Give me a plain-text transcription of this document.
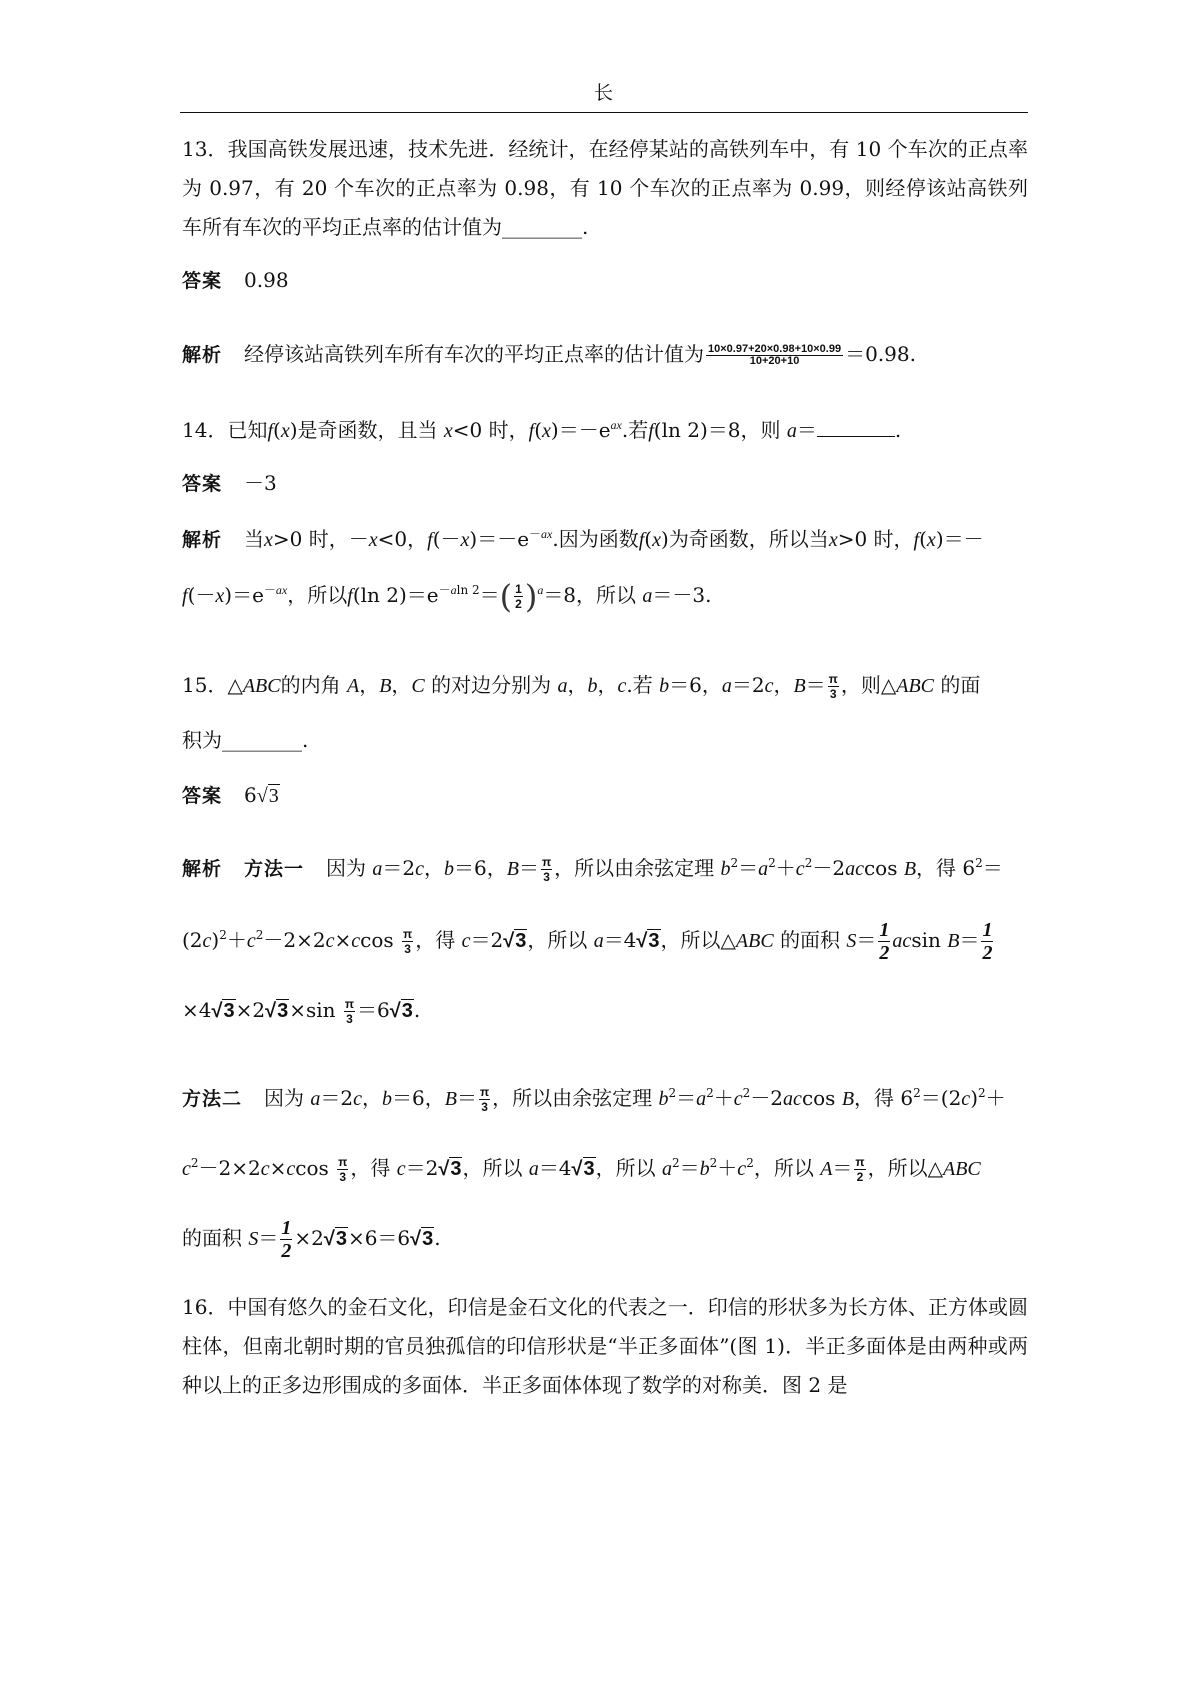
长
13．我国高铁发展迅速，技术先进．经统计，在经停某站的高铁列车中，有 10 个车次的正点率为 0.97，有 20 个车次的正点率为 0.98，有 10 个车次的正点率为 0.99，则经停该站高铁列车所有车次的平均正点率的估计值为________.
答案 0.98
解析 经停该站高铁列车所有车次的平均正点率的估计值为 $\frac{10\times 0.97+20\times 0.98+10\times 0.99}{10+20+10} =0.98$.
14．已知f(x)是奇函数，且当 x<0 时，$f(x)=-e^{ax}$.若f(ln 2)＝8，则 a＝	.
答案 －3
解析 当x>0 时，－x<0，$f(-x)=-e^{-ax}$.因为函数f(x)为奇函数，所以当x>0 时，f(x)＝－
$f(-x)=e^{-ax}$，所以f(ln $2)=e^{-aln 2}=( \frac{1}{2} )^a=8$，所以 a＝－3.
15．△ABC的内角 A，B，C 的对边分别为 a，b，c.若 b＝6，a＝2c，$B= \frac{\pi}{3}$ ，则△ABC 的面
积为________.
答案 6√3
解析 方法一 因为 a＝2c，b＝6，$B= \frac{\pi}{3}$ ，所以由余弦定理 $b^2=a^2+c^2-2accos$ B，得 $6^2=$
$(2c)^2+c^2-2\times 2c\times ccos \frac{\pi}{3}$ ，得 c＝2√3，所以 a＝4√3，所以△ABC 的面积 $S= \frac{1}{2}$ acsin $B= \frac{1}{2}$
$\times 4√3\times 2√3\times\sin \frac{\pi}{3} =6√3$.
方法二 因为 a＝2c，b＝6，$B= \frac{\pi}{3}$ ，所以由余弦定理 $b^2=a^2+c^2-2accos$ B，得 $6^2=(2c)^2+$
$c^2-2\times 2c\times ccos \frac{\pi}{3}$ ，得 c＝2√3，所以 a＝4√3，所以 $a^2=b^2+c^2$，所以 $A= \frac{\pi}{2}$ ，所以△ABC
的面积 $S= \frac{1}{2} \times 2√3\times 6=6√3$.
16．中国有悠久的金石文化，印信是金石文化的代表之一．印信的形状多为长方体、正方体或圆柱体，但南北朝时期的官员独孤信的印信形状是“半正多面体”(图 1)．半正多面体是由两种或两种以上的正多边形围成的多面体．半正多面体体现了数学的对称美．图 2 是
